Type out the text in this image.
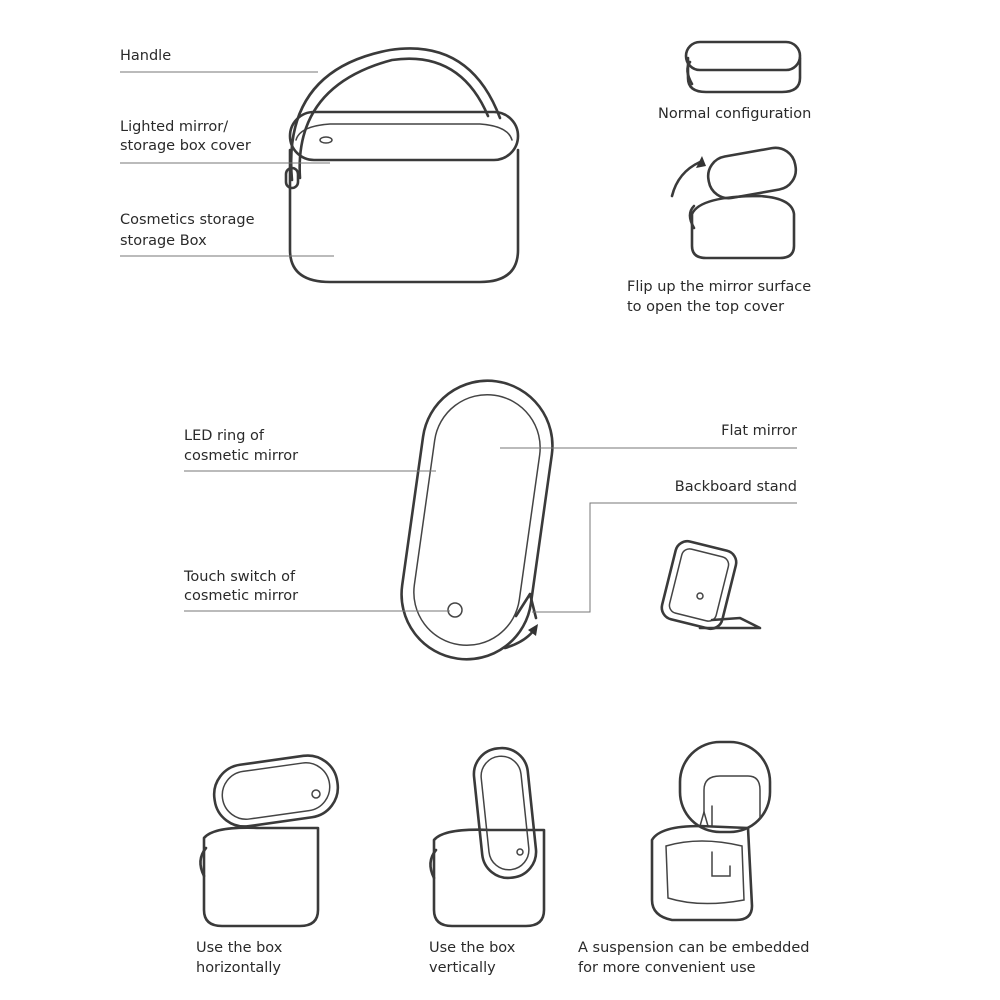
Handle
Lighted mirror/
storage box cover
Cosmetics storage
storage Box
Normal configuration
Flip up the mirror surface
to open the top cover
LED ring of
cosmetic mirror
Flat mirror
Backboard stand
Touch switch of
cosmetic mirror
Use the box
horizontally
Use the box
vertically
A suspension can be embedded
for more convenient use
